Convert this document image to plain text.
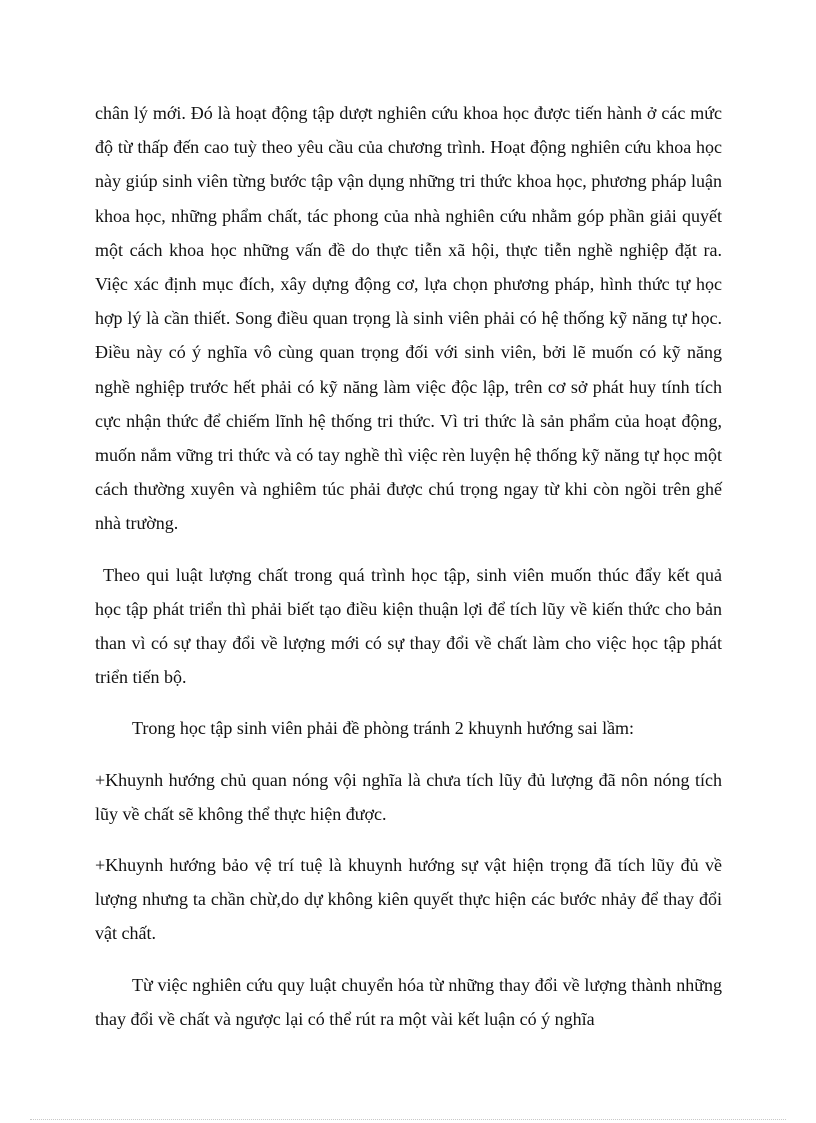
chân lý mới. Đó là hoạt động tập dượt nghiên cứu khoa học được tiến hành ở các mức độ từ thấp đến cao tuỳ theo yêu cầu của chương trình. Hoạt động nghiên cứu khoa học này giúp sinh viên từng bước tập vận dụng những tri thức khoa học, phương pháp luận khoa học, những phẩm chất, tác phong của nhà nghiên cứu nhằm góp phần giải quyết một cách khoa học những vấn đề do thực tiễn xã hội, thực tiễn nghề nghiệp đặt ra. Việc xác định mục đích, xây dựng động cơ, lựa chọn phương pháp, hình thức tự học hợp lý là cần thiết. Song điều quan trọng là sinh viên phải có hệ thống kỹ năng tự học. Điều này có ý nghĩa vô cùng quan trọng đối với sinh viên, bởi lẽ muốn có kỹ năng nghề nghiệp trước hết phải có kỹ năng làm việc độc lập, trên cơ sở phát huy tính tích cực nhận thức để chiếm lĩnh hệ thống tri thức. Vì tri thức là sản phẩm của hoạt động, muốn nắm vững tri thức và có tay nghề thì việc rèn luyện hệ thống kỹ năng tự học một cách thường xuyên và nghiêm túc phải được chú trọng ngay từ khi còn ngồi trên ghế nhà trường.

Theo qui luật lượng chất trong quá trình học tập, sinh viên muốn thúc đẩy kết quả học tập phát triển thì phải biết tạo điều kiện thuận lợi để tích lũy về kiến thức cho bản than vì có sự thay đổi về lượng mới có sự thay đổi về chất làm cho việc học tập phát triển tiến bộ.

Trong học tập sinh viên phải đề phòng tránh 2 khuynh hướng sai lầm:

+Khuynh hướng chủ quan nóng vội nghĩa là chưa tích lũy đủ lượng đã nôn nóng tích lũy về chất sẽ không thể thực hiện được.

+Khuynh hướng bảo vệ trí tuệ là khuynh hướng sự vật hiện trọng đã tích lũy đủ về lượng nhưng ta chần chừ,do dự không kiên quyết thực hiện các bước nhảy để thay đổi vật chất.

Từ việc nghiên cứu quy luật chuyển hóa từ những thay đổi về lượng thành những thay đổi về chất và ngược lại có thể rút ra một vài kết luận có ý nghĩa
